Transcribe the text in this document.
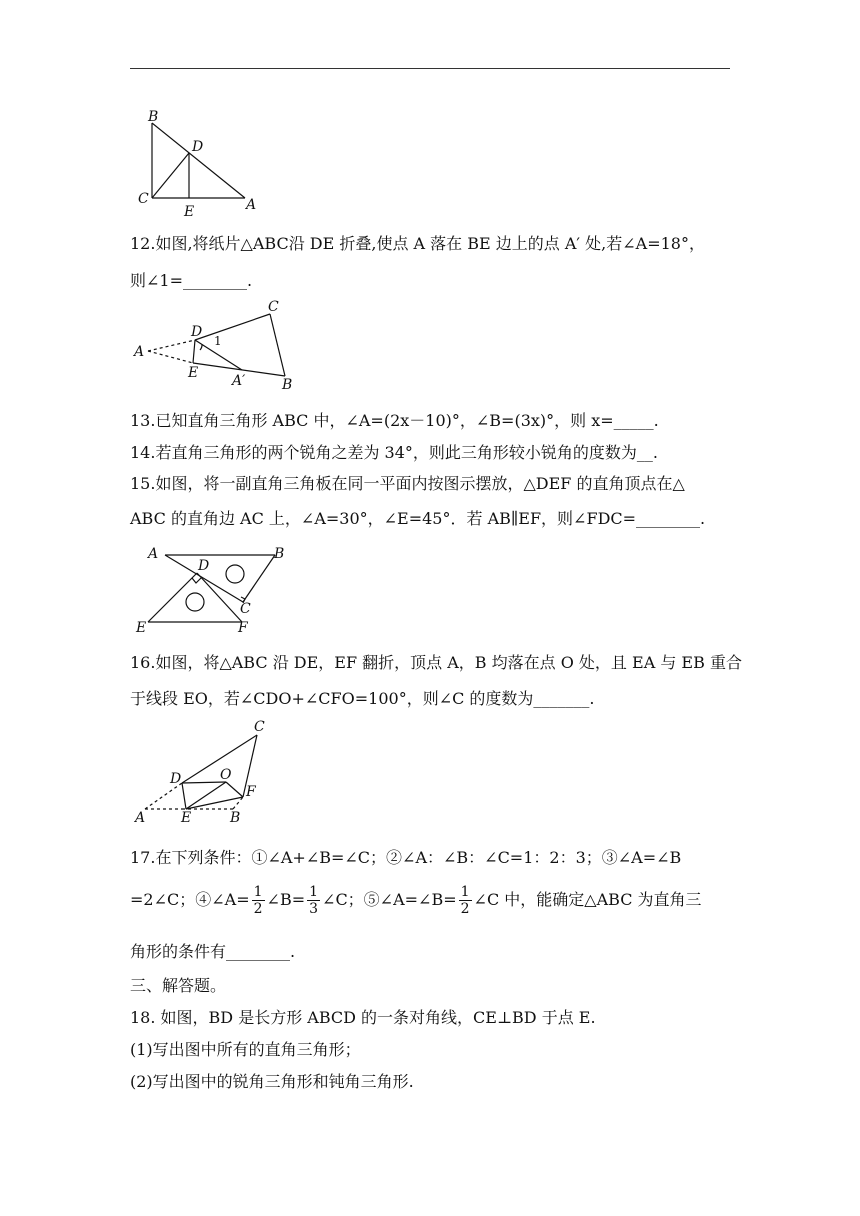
B
D
C
E	A
12.如图,将纸片△ABC沿 DE 折叠,使点 A 落在 BE 边上的点 A′ 处,若∠A=18°，
则∠1=________.
C
D
1
A
E A′	B
13.已知直角三角形 ABC 中，∠A=(2x－10)°，∠B=(3x)°，则 x=_____.
14.若直角三角形的两个锐角之差为 34°，则此三角形较小锐角的度数为__.
15.如图，将一副直角三角板在同一平面内按图示摆放，△DEF 的直角顶点在△
ABC 的直角边 AC 上，∠A=30°，∠E=45°．若 AB∥EF，则∠FDC=________.
A	B
D
C
E	F
16.如图，将△ABC 沿 DE，EF 翻折，顶点 A，B 均落在点 O 处，且 EA 与 EB 重合
于线段 EO，若∠CDO+∠CFO=100°，则∠C 的度数为_______.
C
D	O
F
A	E	B
17.在下列条件：①∠A+∠B=∠C；②∠A：∠B：∠C=1：2：3；③∠A=∠B
=2∠C；④∠A= $\frac{1}{2}$ ∠B= $\frac{1}{3}$ ∠C；⑤∠A=∠B= $\frac{1}{2}$ ∠C 中，能确定△ABC 为直角三
角形的条件有________.
三、解答题。
18. 如图，BD 是长方形 ABCD 的一条对角线，CE⊥BD 于点 E.
(1)写出图中所有的直角三角形；
(2)写出图中的锐角三角形和钝角三角形.
